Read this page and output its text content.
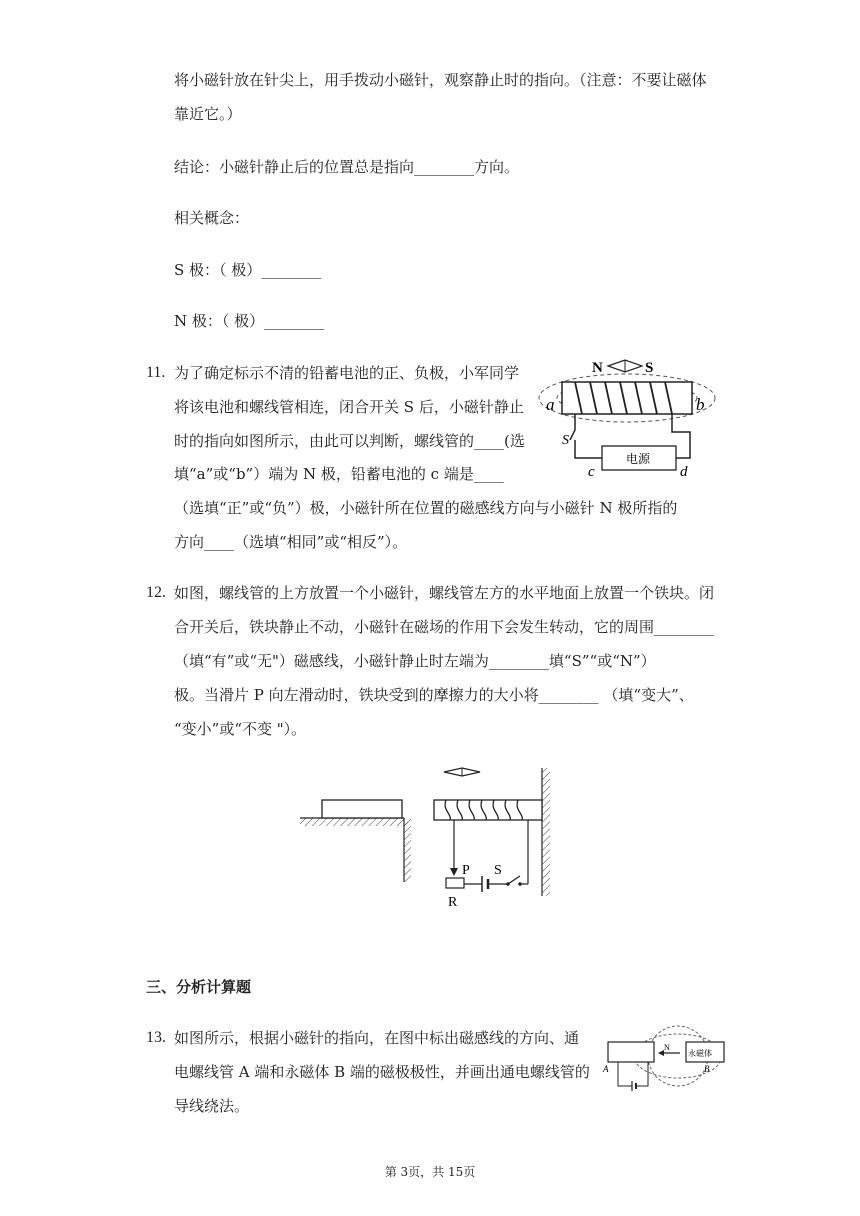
将小磁针放在针尖上，用手拨动小磁针，观察静止时的指向。（注意：不要让磁体
靠近它。）
结论：小磁针静止后的位置总是指向________方向。
相关概念：
S 极：（ 极）________
N 极：（ 极）________
11. 为了确定标示不清的铅蓄电池的正、负极，小军同学
将该电池和螺线管相连，闭合开关 S 后，小磁针静止
时的指向如图所示，由此可以判断，螺线管的____(选
填“a”或“b”）端为 N 极，铅蓄电池的 c 端是____
（选填“正”或“负”）极，小磁针所在位置的磁感线方向与小磁针 N 极所指的
方向____（选填“相同”或“相反”）。
N	S
a	b
S
电源
c	d
12. 如图，螺线管的上方放置一个小磁针，螺线管左方的水平地面上放置一个铁块。闭
合开关后，铁块静止不动，小磁针在磁场的作用下会发生转动，它的周围________
（填“有”或“无"）磁感线，小磁针静止时左端为________填“S”“或“N”）
极。当滑片 P 向左滑动时，铁块受到的摩擦力的大小将________ （填“变大”、
“变小”或“不变 "）。
P S
R
三、分析计算题
13. 如图所示，根据小磁针的指向，在图中标出磁感线的方向、通
电螺线管 A 端和永磁体 B 端的磁极极性，并画出通电螺线管的
导线绕法。
永磁体
N
A	B
第 3页，共 15页
